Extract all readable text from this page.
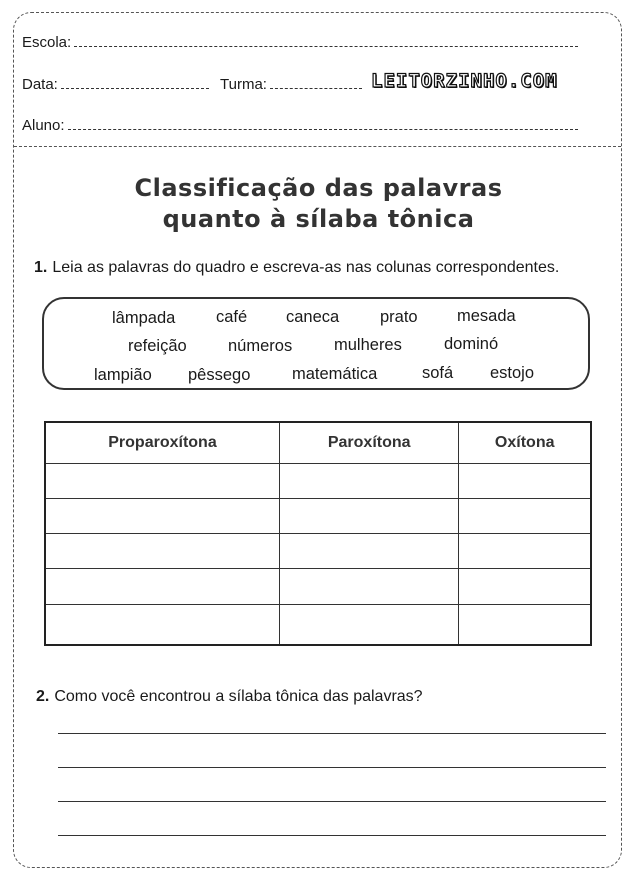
Escola:
Data:	Turma:	LEITORZINHO.COM
Aluno:
Classificação das palavras
quanto à sílaba tônica
1. Leia as palavras do quadro e escreva-as nas colunas correspondentes.
lâmpada café caneca prato mesada
refeição	números	mulheres	dominó
lampião pêssego	matemática	sofá estojo
Proparoxítona	Paroxítona	Oxítona

2. Como você encontrou a sílaba tônica das palavras?
